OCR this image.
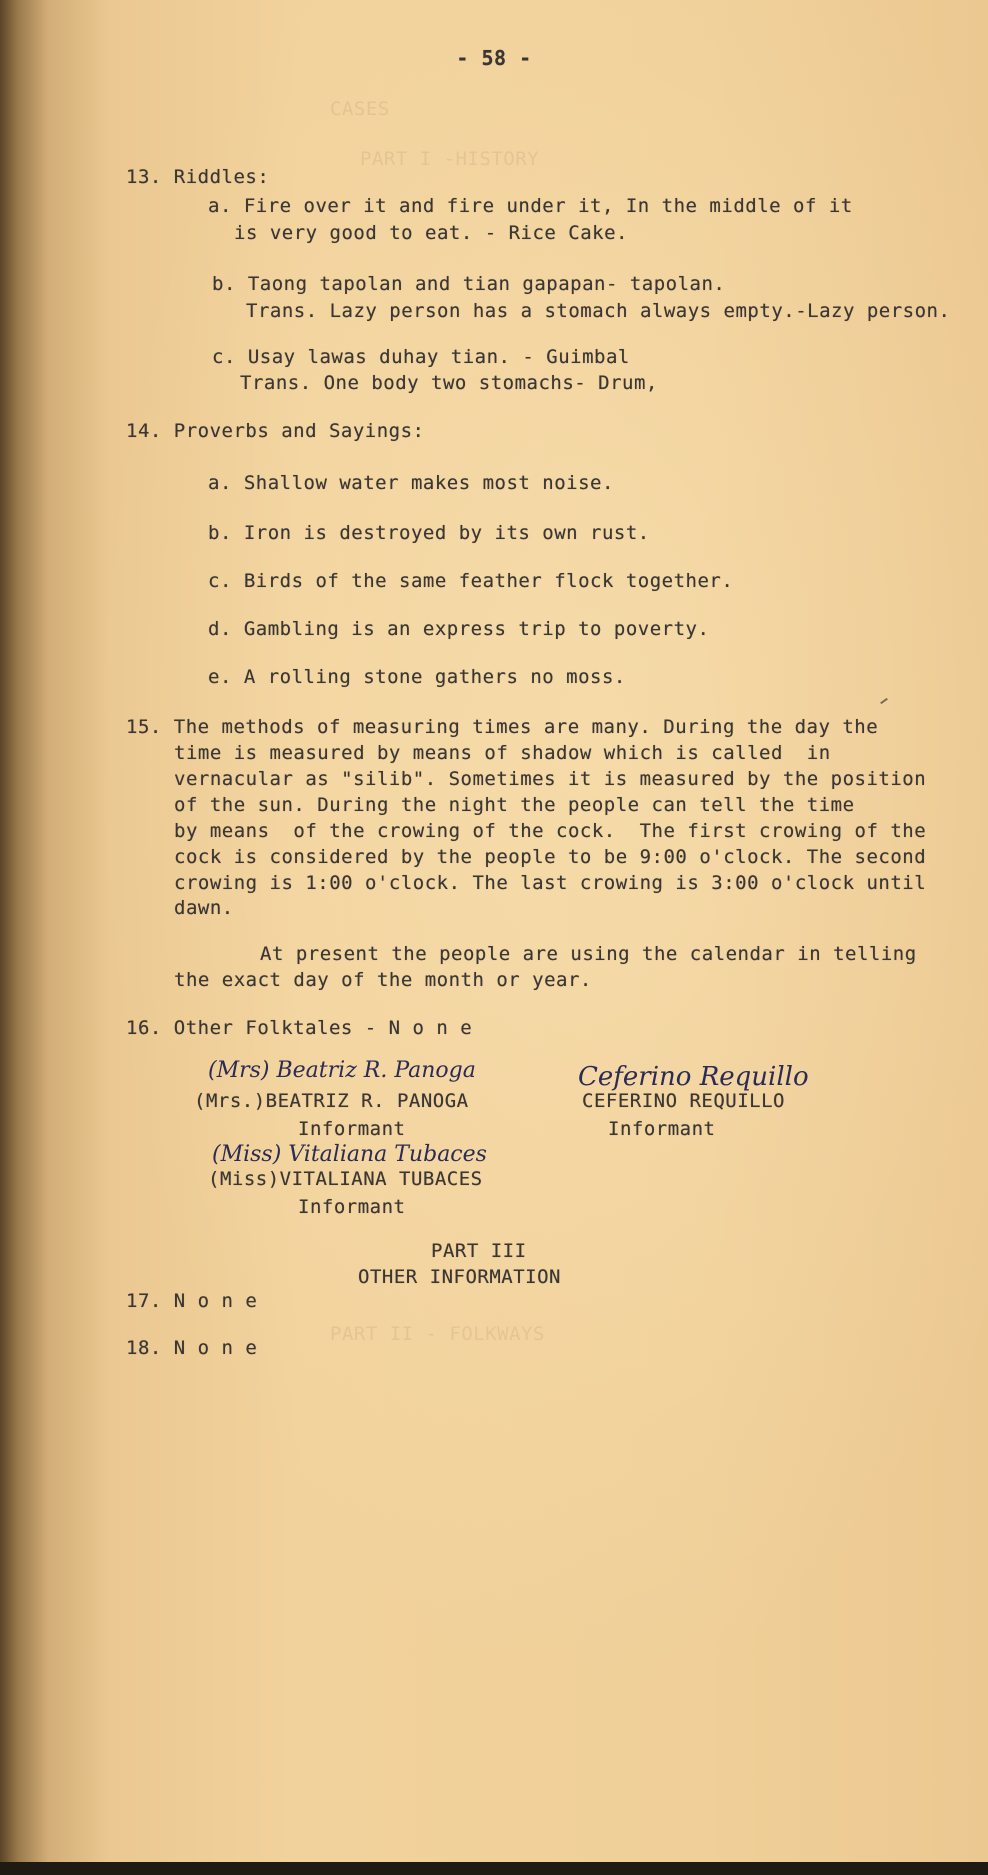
CASES
PART I -HISTORY
PART II - FOLKWAYS
- 58 -
13. Riddles:
a. Fire over it and fire under it, In the middle of it
is very good to eat. - Rice Cake.
b. Taong tapolan and tian gapapan- tapolan.
Trans. Lazy person has a stomach always empty.-Lazy person.
c. Usay lawas duhay tian. - Guimbal
Trans. One body two stomachs- Drum,
14. Proverbs and Sayings:
a. Shallow water makes most noise.
b. Iron is destroyed by its own rust.
c. Birds of the same feather flock together.
d. Gambling is an express trip to poverty.
e. A rolling stone gathers no moss.
15. The methods of measuring times are many. During the day the
time is measured by means of shadow which is called  in
vernacular as "silib". Sometimes it is measured by the position
of the sun. During the night the people can tell the time
by means  of the crowing of the cock.  The first crowing of the
cock is considered by the people to be 9:00 o'clock. The second
crowing is 1:00 o'clock. The last crowing is 3:00 o'clock until
dawn.
At present the people are using the calendar in telling
the exact day of the month or year.
16. Other Folktales - N o n e
(Mrs) Beatriz R. Panoga
(Mrs.)BEATRIZ R. PANOGA
Informant
Ceferino Requillo
CEFERINO REQUILLO
Informant
(Miss) Vitaliana Tubaces
(Miss)VITALIANA TUBACES
Informant
PART III
OTHER INFORMATION
17. N o n e
18. N o n e
